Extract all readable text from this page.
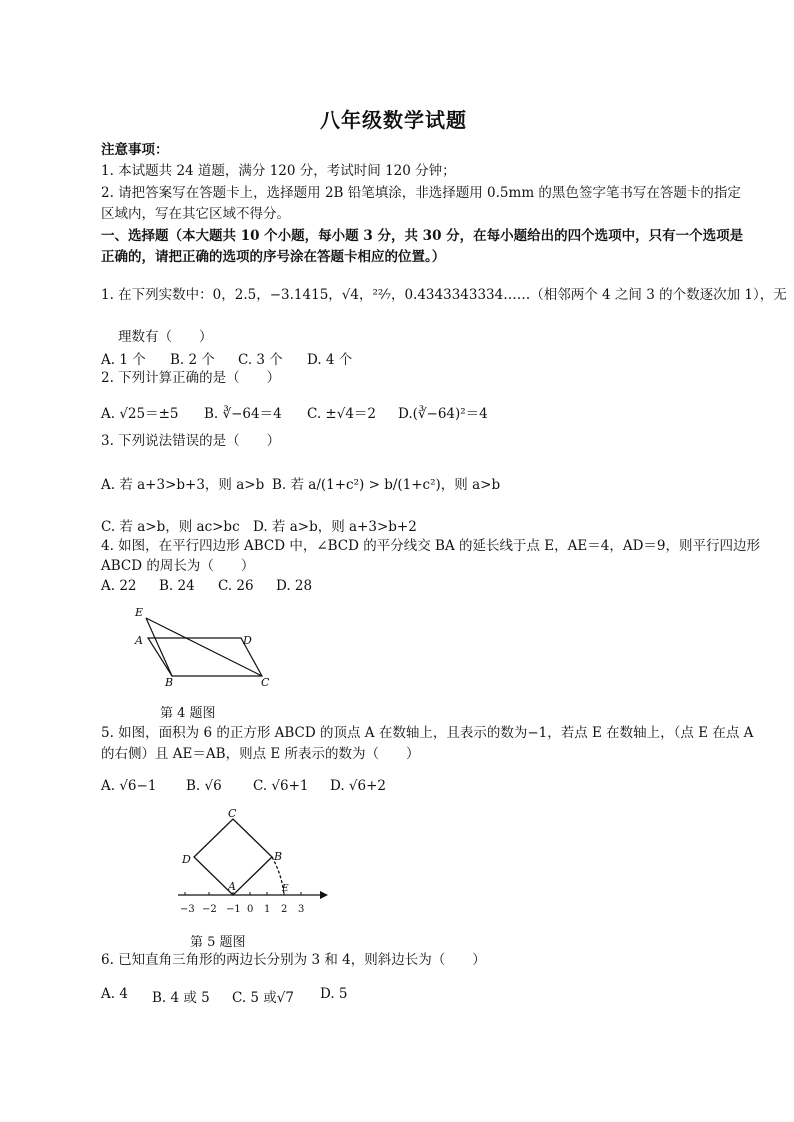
八年级数学试题
注意事项：
1. 本试题共 24 道题，满分 120 分，考试时间 120 分钟；
2. 请把答案写在答题卡上，选择题用 2B 铅笔填涂，非选择题用 0.5mm 的黑色签字笔书写在答题卡的指定
区域内，写在其它区域不得分。
一、选择题（本大题共 10 个小题，每小题 3 分，共 30 分，在每小题给出的四个选项中，只有一个选项是
正确的，请把正确的选项的序号涂在答题卡相应的位置。）
1. 在下列实数中：0，2.5，−3.1415，√4，²²⁄₇，0.4343343334……（相邻两个 4 之间 3 的个数逐次加 1），无
理数有（　　）
A. 1 个 B. 2 个 C. 3 个 D. 4 个
2. 下列计算正确的是（　　）
A. √25＝±5 B. ∛−64＝4 C. ±√4＝2 D.(∛−64)²＝4
3. 下列说法错误的是（　　）
A. 若 a+3>b+3，则 a>b B. 若 a/(1+c²) > b/(1+c²)，则 a>b
C. 若 a>b，则 ac>bc D. 若 a>b，则 a+3>b+2
4. 如图，在平行四边形 ABCD 中，∠BCD 的平分线交 BA 的延长线于点 E，AE＝4，AD＝9，则平行四边形
ABCD 的周长为（　　）
A. 22 B. 24 C. 26 D. 28
E
A	D
B	C
第 4 题图
5. 如图，面积为 6 的正方形 ABCD 的顶点 A 在数轴上，且表示的数为−1，若点 E 在数轴上，（点 E 在点 A
的右侧）且 AE＝AB，则点 E 所表示的数为（　　）
A. √6−1 B. √6 C. √6+1 D. √6+2
C
D	B
A	E
−3 −2 −1 0 1 2 3
第 5 题图
6. 已知直角三角形的两边长分别为 3 和 4，则斜边长为（　　）
A. 4 B. 4 或 5 C. 5 或√7 D. 5
